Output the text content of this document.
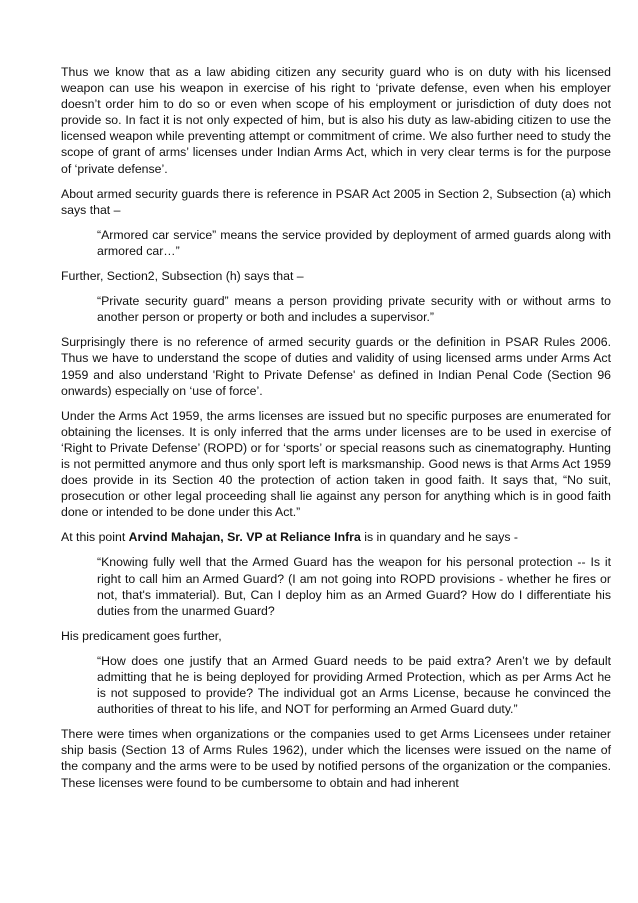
Thus we know that as a law abiding citizen any security guard who is on duty with his licensed weapon can use his weapon in exercise of his right to ‘private defense, even when his employer doesn’t order him to do so or even when scope of his employment or jurisdiction of duty does not provide so. In fact it is not only expected of him, but is also his duty as law-abiding citizen to use the licensed weapon while preventing attempt or commitment of crime. We also further need to study the scope of grant of arms’ licenses under Indian Arms Act, which in very clear terms is for the purpose of ‘private defense’.

About armed security guards there is reference in PSAR Act 2005 in Section 2, Subsection (a) which says that –

“Armored car service” means the service provided by deployment of armed guards along with armored car…”

Further, Section2, Subsection (h) says that –

“Private security guard” means a person providing private security with or without arms to another person or property or both and includes a supervisor.”

Surprisingly there is no reference of armed security guards or the definition in PSAR Rules 2006. Thus we have to understand the scope of duties and validity of using licensed arms under Arms Act 1959 and also understand 'Right to Private Defense' as defined in Indian Penal Code (Section 96 onwards) especially on ‘use of force’.

Under the Arms Act 1959, the arms licenses are issued but no specific purposes are enumerated for obtaining the licenses. It is only inferred that the arms under licenses are to be used in exercise of ‘Right to Private Defense’ (ROPD) or for ‘sports’ or special reasons such as cinematography. Hunting is not permitted anymore and thus only sport left is marksmanship. Good news is that Arms Act 1959 does provide in its Section 40 the protection of action taken in good faith. It says that, “No suit, prosecution or other legal proceeding shall lie against any person for anything which is in good faith done or intended to be done under this Act.”

At this point Arvind Mahajan, Sr. VP at Reliance Infra is in quandary and he says -

“Knowing fully well that the Armed Guard has the weapon for his personal protection -- Is it right to call him an Armed Guard? (I am not going into ROPD provisions - whether he fires or not, that's immaterial). But, Can I deploy him as an Armed Guard? How do I differentiate his duties from the unarmed Guard?

His predicament goes further,

“How does one justify that an Armed Guard needs to be paid extra? Aren’t we by default admitting that he is being deployed for providing Armed Protection, which as per Arms Act he is not supposed to provide? The individual got an Arms License, because he convinced the authorities of threat to his life, and NOT for performing an Armed Guard duty.”

There were times when organizations or the companies used to get Arms Licensees under retainer ship basis (Section 13 of Arms Rules 1962), under which the licenses were issued on the name of the company and the arms were to be used by notified persons of the organization or the companies. These licenses were found to be cumbersome to obtain and had inherent
